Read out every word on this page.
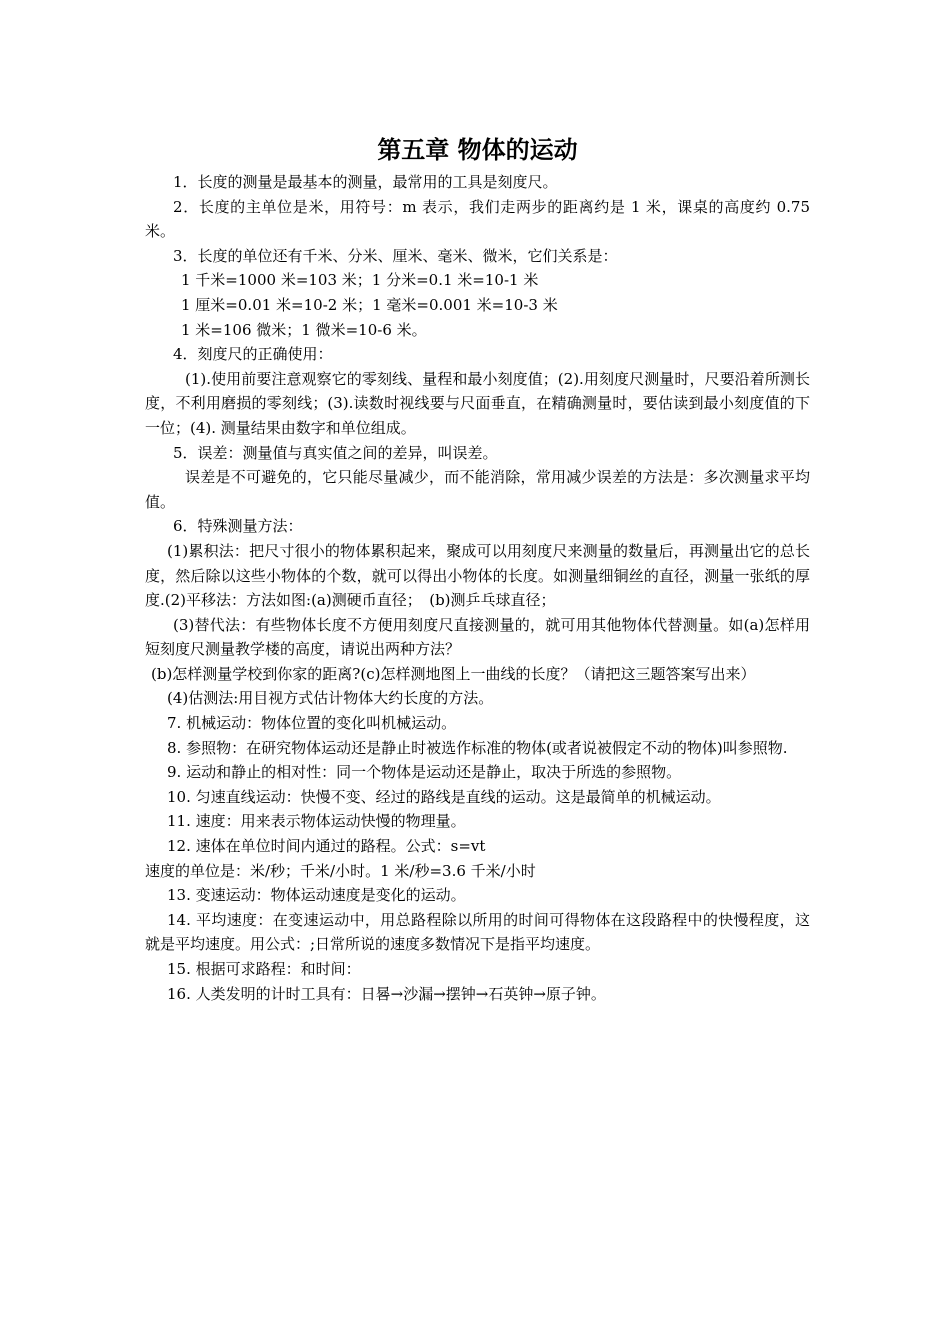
第五章 物体的运动

1．长度的测量是最基本的测量，最常用的工具是刻度尺。

2．长度的主单位是米，用符号：m 表示，我们走两步的距离约是 1 米，课桌的高度约 0.75 米。

3．长度的单位还有千米、分米、厘米、毫米、微米，它们关系是：

1 千米=1000 米=103 米；1 分米=0.1 米=10-1 米

1 厘米=0.01 米=10-2 米；1 毫米=0.001 米=10-3 米

1 米=106 微米；1 微米=10-6 米。

4．刻度尺的正确使用：

(1).使用前要注意观察它的零刻线、量程和最小刻度值；(2).用刻度尺测量时，尺要沿着所测长度，不利用磨损的零刻线；(3).读数时视线要与尺面垂直，在精确测量时，要估读到最小刻度值的下一位；(4). 测量结果由数字和单位组成。

5．误差：测量值与真实值之间的差异，叫误差。

误差是不可避免的，它只能尽量减少，而不能消除，常用减少误差的方法是：多次测量求平均值。

6．特殊测量方法：

(1)累积法：把尺寸很小的物体累积起来，聚成可以用刻度尺来测量的数量后，再测量出它的总长度，然后除以这些小物体的个数，就可以得出小物体的长度。如测量细铜丝的直径，测量一张纸的厚度.(2)平移法：方法如图:(a)测硬币直径；　(b)测乒乓球直径；

(3)替代法：有些物体长度不方便用刻度尺直接测量的，就可用其他物体代替测量。如(a)怎样用短刻度尺测量教学楼的高度，请说出两种方法？

(b)怎样测量学校到你家的距离?(c)怎样测地图上一曲线的长度？（请把这三题答案写出来）

(4)估测法:用目视方式估计物体大约长度的方法。

7. 机械运动：物体位置的变化叫机械运动。

8. 参照物：在研究物体运动还是静止时被选作标准的物体(或者说被假定不动的物体)叫参照物.

9. 运动和静止的相对性：同一个物体是运动还是静止，取决于所选的参照物。

10. 匀速直线运动：快慢不变、经过的路线是直线的运动。这是最简单的机械运动。

11. 速度：用来表示物体运动快慢的物理量。

12. 速体在单位时间内通过的路程。公式：s=vt

速度的单位是：米/秒；千米/小时。1 米/秒=3.6 千米/小时

13. 变速运动：物体运动速度是变化的运动。

14. 平均速度：在变速运动中，用总路程除以所用的时间可得物体在这段路程中的快慢程度，这就是平均速度。用公式：;日常所说的速度多数情况下是指平均速度。

15. 根据可求路程：和时间：

16. 人类发明的计时工具有：日晷→沙漏→摆钟→石英钟→原子钟。
